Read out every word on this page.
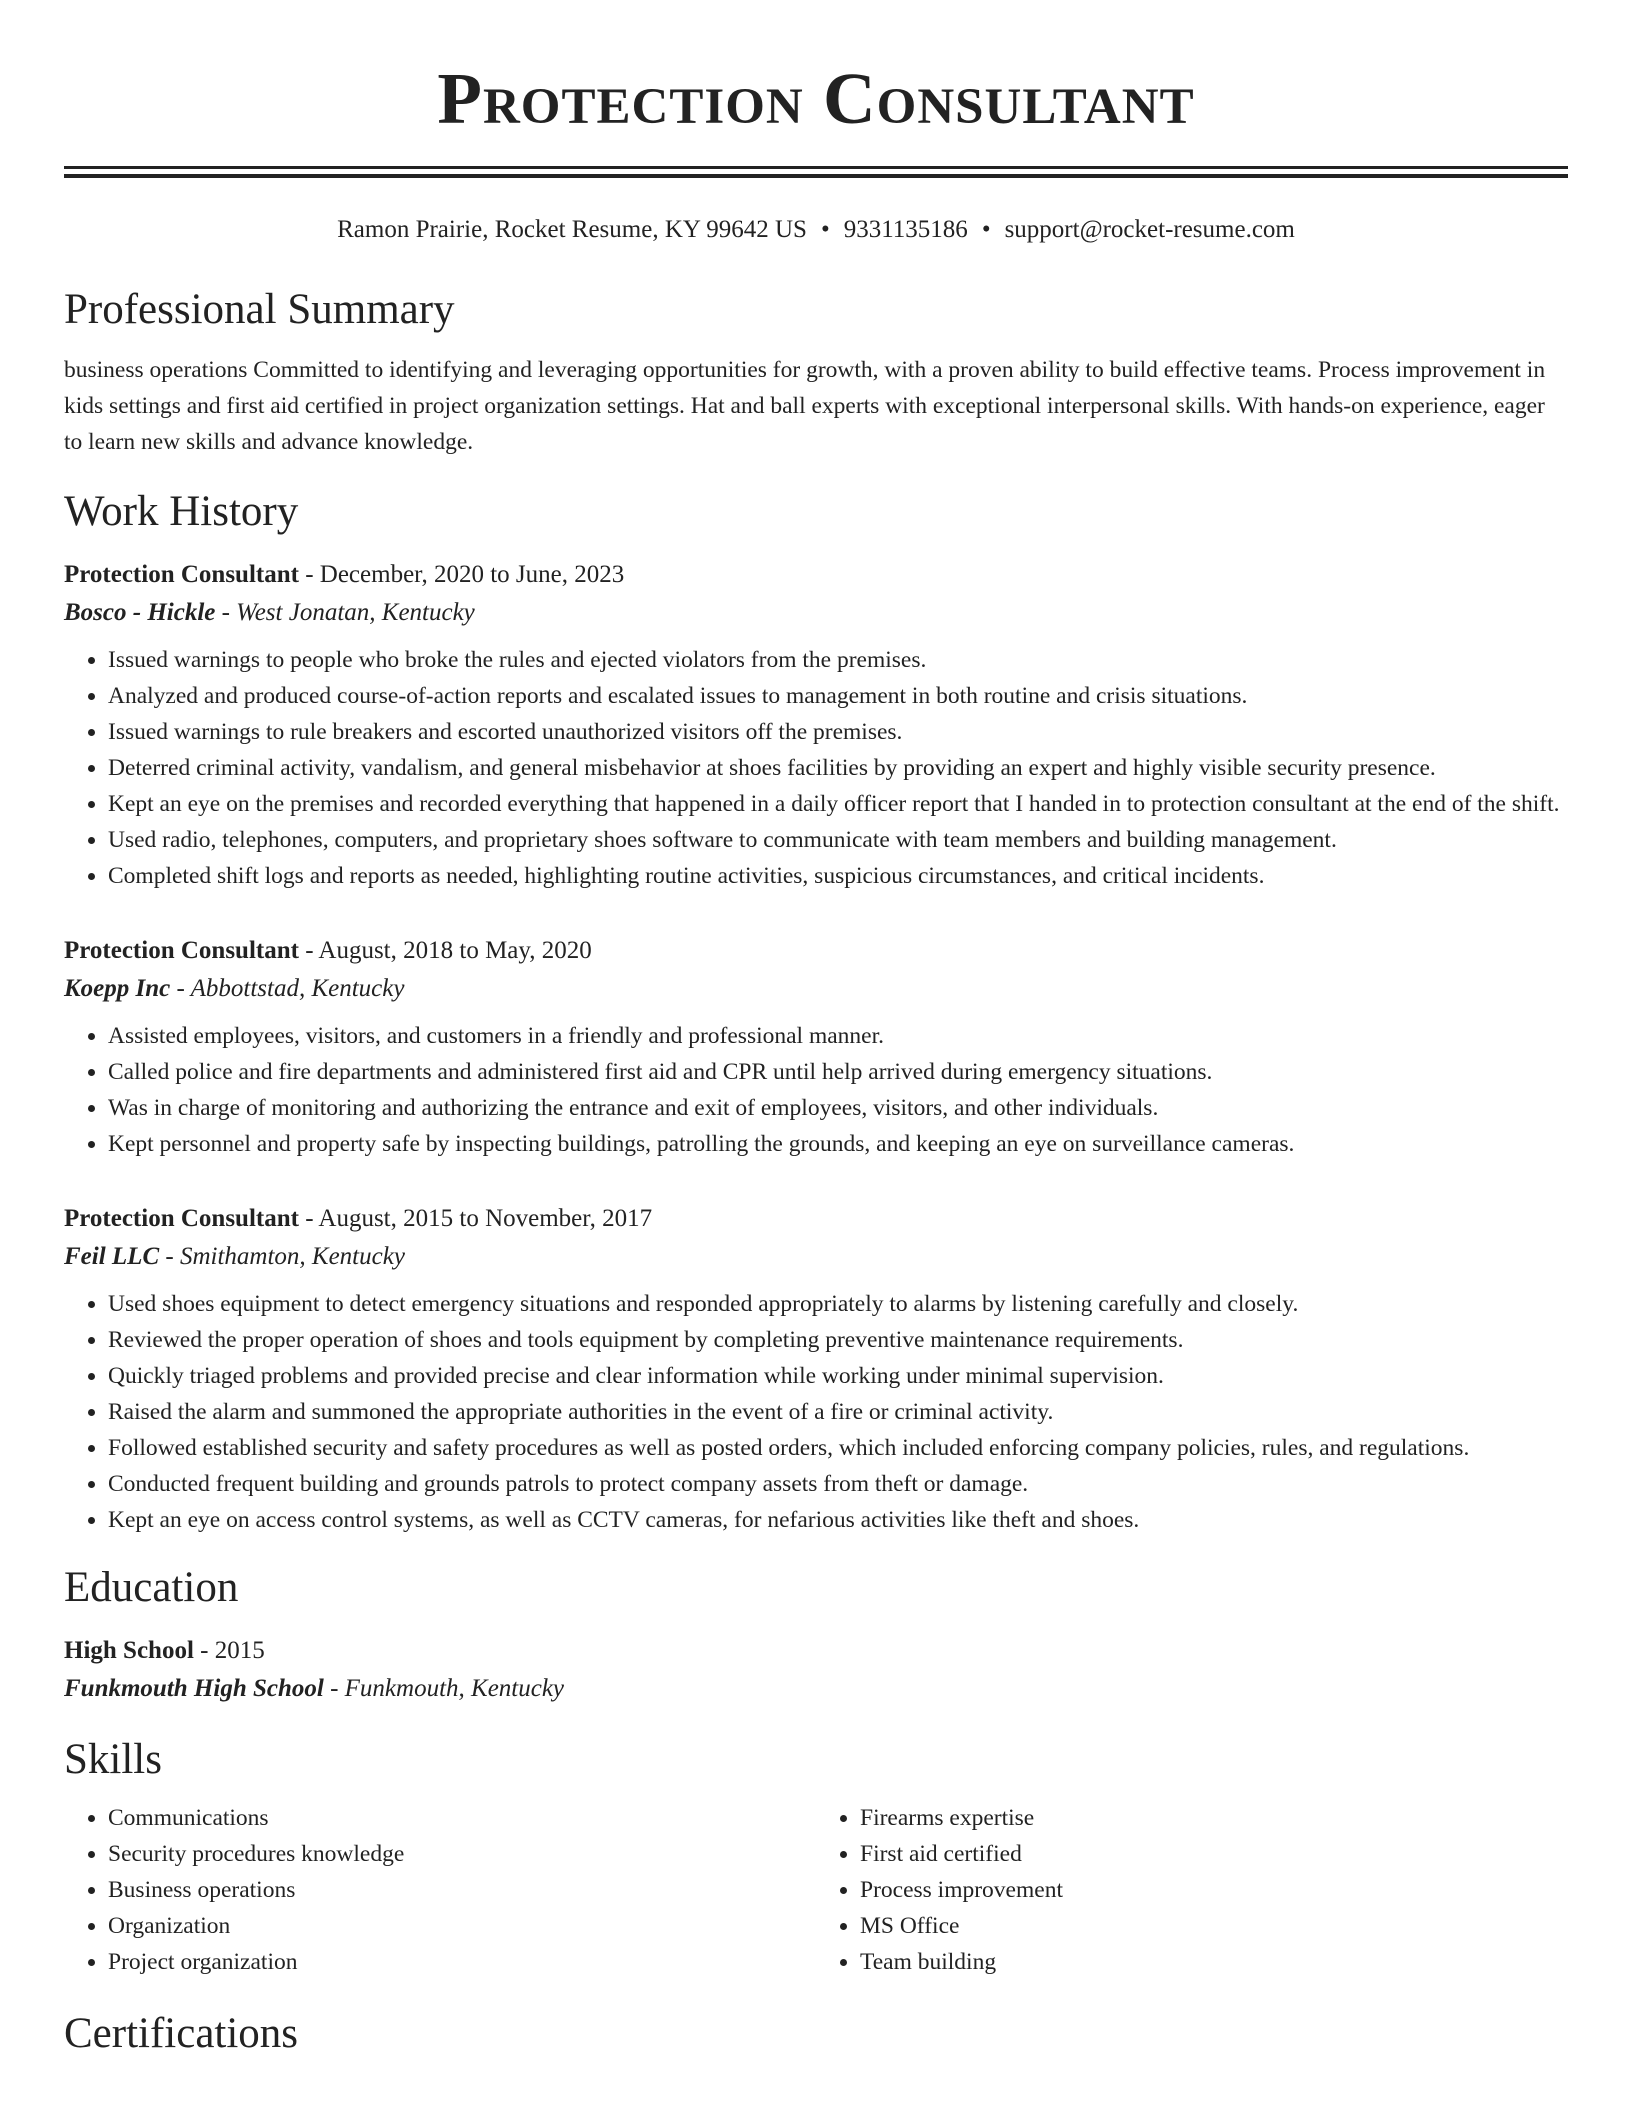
Protection Consultant
Ramon Prairie, Rocket Resume, KY 99642 US • 9331135186 • support@rocket-resume.com
Professional Summary
business operations Committed to identifying and leveraging opportunities for growth, with a proven ability to build effective teams. Process improvement in kids settings and first aid certified in project organization settings. Hat and ball experts with exceptional interpersonal skills. With hands-on experience, eager to learn new skills and advance knowledge.
Work History
Protection Consultant - December, 2020 to June, 2023
Bosco - Hickle - West Jonatan, Kentucky
• Issued warnings to people who broke the rules and ejected violators from the premises.
• Analyzed and produced course-of-action reports and escalated issues to management in both routine and crisis situations.
• Issued warnings to rule breakers and escorted unauthorized visitors off the premises.
• Deterred criminal activity, vandalism, and general misbehavior at shoes facilities by providing an expert and highly visible security presence.
• Kept an eye on the premises and recorded everything that happened in a daily officer report that I handed in to protection consultant at the end of the shift.
• Used radio, telephones, computers, and proprietary shoes software to communicate with team members and building management.
• Completed shift logs and reports as needed, highlighting routine activities, suspicious circumstances, and critical incidents.
Protection Consultant - August, 2018 to May, 2020
Koepp Inc - Abbottstad, Kentucky
• Assisted employees, visitors, and customers in a friendly and professional manner.
• Called police and fire departments and administered first aid and CPR until help arrived during emergency situations.
• Was in charge of monitoring and authorizing the entrance and exit of employees, visitors, and other individuals.
• Kept personnel and property safe by inspecting buildings, patrolling the grounds, and keeping an eye on surveillance cameras.
Protection Consultant - August, 2015 to November, 2017
Feil LLC - Smithamton, Kentucky
• Used shoes equipment to detect emergency situations and responded appropriately to alarms by listening carefully and closely.
• Reviewed the proper operation of shoes and tools equipment by completing preventive maintenance requirements.
• Quickly triaged problems and provided precise and clear information while working under minimal supervision.
• Raised the alarm and summoned the appropriate authorities in the event of a fire or criminal activity.
• Followed established security and safety procedures as well as posted orders, which included enforcing company policies, rules, and regulations.
• Conducted frequent building and grounds patrols to protect company assets from theft or damage.
• Kept an eye on access control systems, as well as CCTV cameras, for nefarious activities like theft and shoes.
Education
High School - 2015
Funkmouth High School - Funkmouth, Kentucky
Skills
• Communications
• Security procedures knowledge
• Business operations
• Organization
• Project organization
• Firearms expertise
• First aid certified
• Process improvement
• MS Office
• Team building
Certifications
